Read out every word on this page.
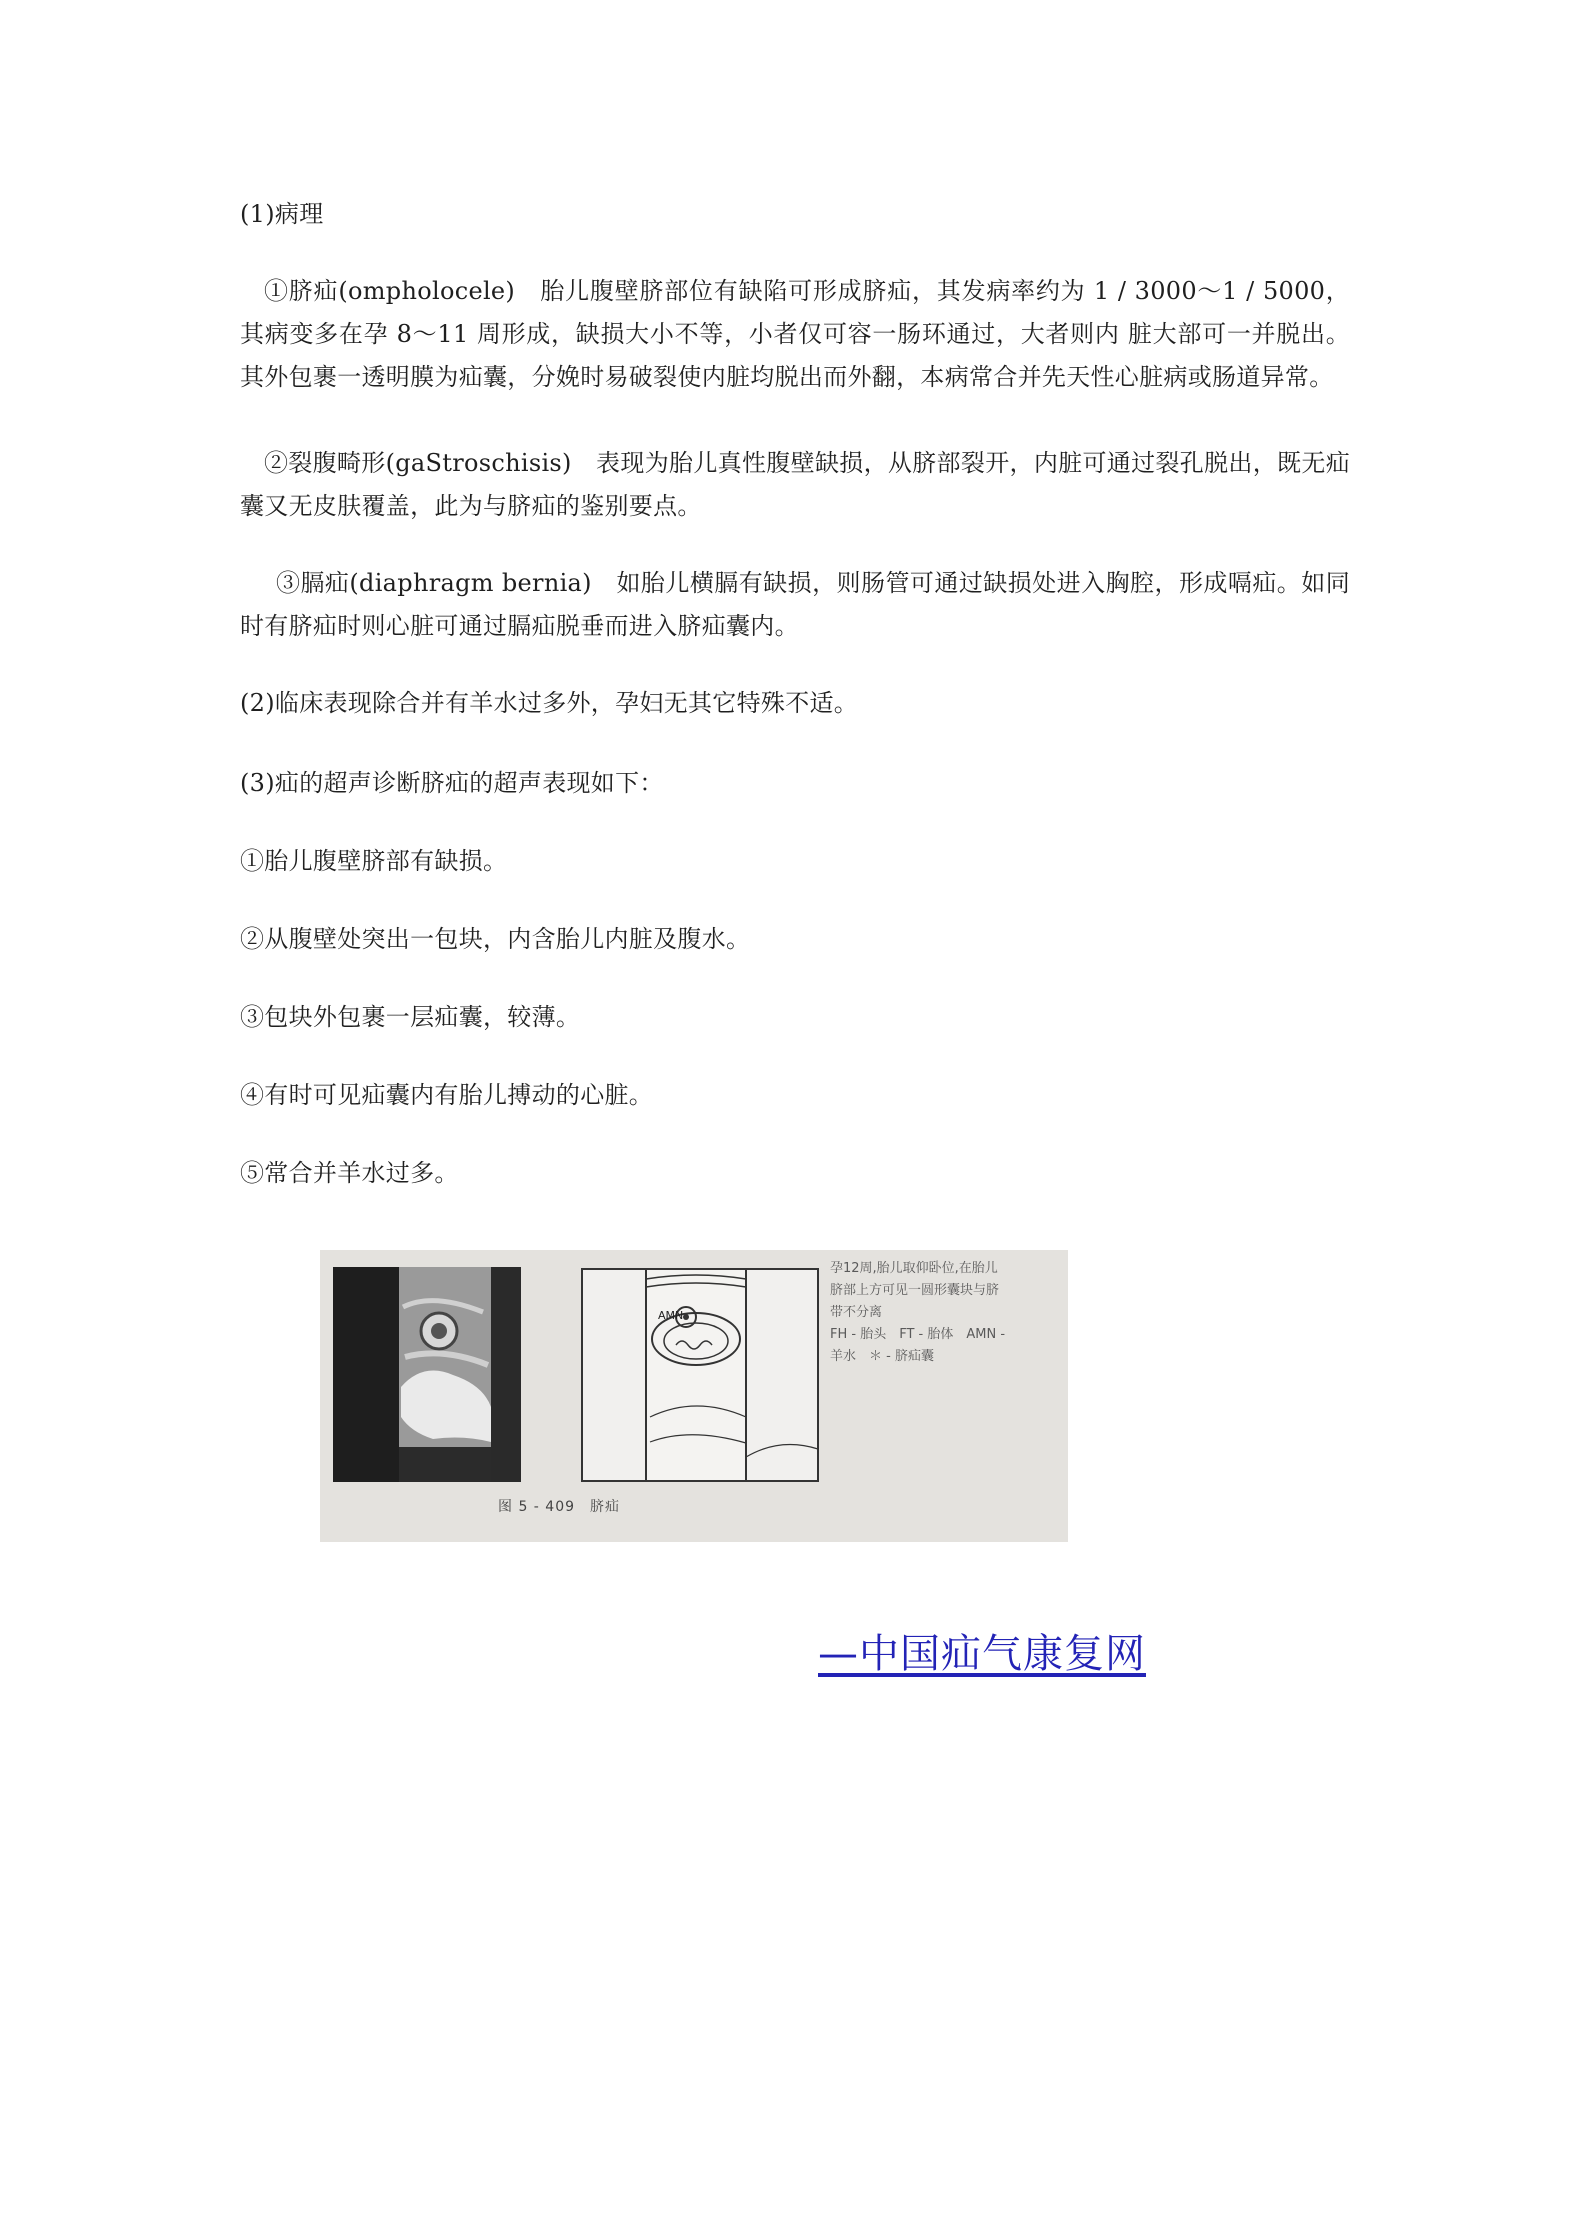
(1)病理
①脐疝(ompholocele)　胎儿腹壁脐部位有缺陷可形成脐疝，其发病率约为 1 / 3000～1 / 5000，其病变多在孕 8～11 周形成，缺损大小不等，小者仅可容一肠环通过，大者则内 脏大部可一并脱出。其外包裹一透明膜为疝囊，分娩时易破裂使内脏均脱出而外翻，本病常合并先天性心脏病或肠道异常。
②裂腹畸形(gaStroschisis)　表现为胎儿真性腹壁缺损，从脐部裂开，内脏可通过裂孔脱出，既无疝囊又无皮肤覆盖，此为与脐疝的鉴别要点。
③膈疝(diaphragm bernia)　如胎儿横膈有缺损，则肠管可通过缺损处进入胸腔，形成嗝疝。如同时有脐疝时则心脏可通过膈疝脱垂而进入脐疝囊内。
(2)临床表现除合并有羊水过多外，孕妇无其它特殊不适。
(3)疝的超声诊断脐疝的超声表现如下：
①胎儿腹壁脐部有缺损。
②从腹壁处突出一包块，内含胎儿内脏及腹水。
③包块外包裹一层疝囊，较薄。
④有时可见疝囊内有胎儿搏动的心脏。
⑤常合并羊水过多。
AMN
孕12周,胎儿取仰卧位,在胎儿
脐部上方可见一圆形囊块与脐
带不分离
FH - 胎头　FT - 胎体　AMN -
羊水　＊ - 脐疝囊
图 5 - 409　脐疝
—中国疝气康复网
